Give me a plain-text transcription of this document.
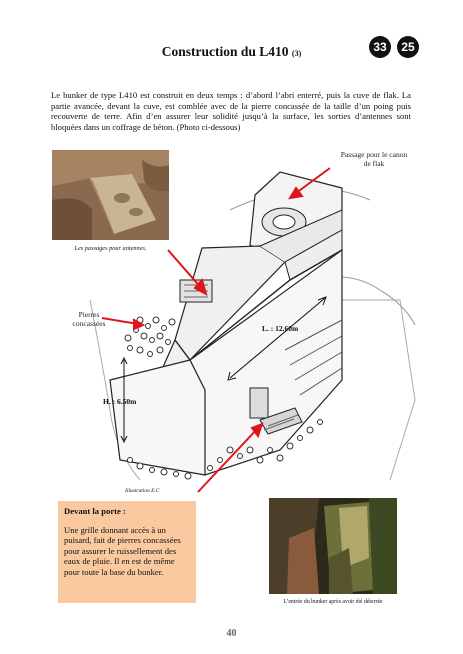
Construction du L410 (3)	33	25
Le bunker de type L410 est construit en deux temps : d’abord l’abri enterré, puis la cuve de flak. La partie avancée, devant la cuve, est comblée avec de la pierre concassée de la taille d’un poing puis recouverte de terre. Afin d’en assurer leur solidité jusqu’à la surface, les sorties d’antennes sont bloquées dans un coffrage de béton. (Photo ci-dessous)
Les passages pour antennes.
Passage pour le canon de flak
Pierres concassées
L. : 12.60m
H. : 6.50m
Illustration E.C
Devant la porte :
Une grille donnant accès à un puisard, fait de pierres concassées pour assurer le ruissellement des eaux de pluie. Il en est de même pour toute la base du bunker.
L’entrée du bunker après avoir été déterrée
40
